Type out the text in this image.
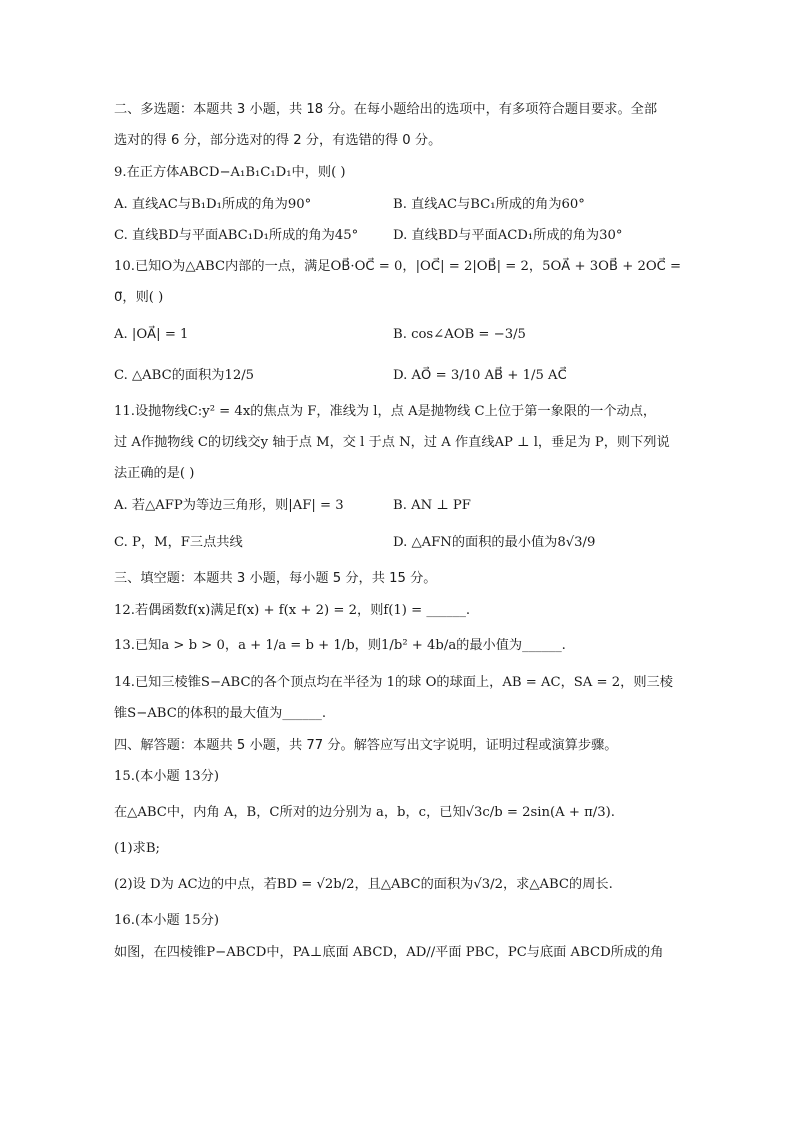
二、多选题：本题共 3 小题，共 18 分。在每小题给出的选项中，有多项符合题目要求。全部
选对的得 6 分，部分选对的得 2 分，有选错的得 0 分。
9.在正方体ABCD−A₁B₁C₁D₁中，则( )
A. 直线AC与B₁D₁所成的角为90°	B. 直线AC与BC₁所成的角为60°
C. 直线BD与平面ABC₁D₁所成的角为45°	D. 直线BD与平面ACD₁所成的角为30°
10.已知O为△ABC内部的一点，满足OB⃗·OC⃗ = 0，|OC⃗| = 2|OB⃗| = 2，5OA⃗ + 3OB⃗ + 2OC⃗ =
0⃗，则( )
A. |OA⃗| = 1	B. cos∠AOB = −3/5
C. △ABC的面积为12/5	D. AO⃗ = 3/10 AB⃗ + 1/5 AC⃗
11.设抛物线C:y² = 4x的焦点为 F，准线为 l，点 A是抛物线 C上位于第一象限的一个动点，
过 A作抛物线 C的切线交y 轴于点 M，交 l 于点 N，过 A 作直线AP ⊥ l，垂足为 P，则下列说
法正确的是( )
A. 若△AFP为等边三角形，则|AF| = 3	B. AN ⊥ PF
C. P，M，F三点共线	D. △AFN的面积的最小值为8√3/9
三、填空题：本题共 3 小题，每小题 5 分，共 15 分。
12.若偶函数f(x)满足f(x) + f(x + 2) = 2，则f(1) = ______.
13.已知a > b > 0，a + 1/a = b + 1/b，则1/b² + 4b/a的最小值为______.
14.已知三棱锥S−ABC的各个顶点均在半径为 1的球 O的球面上，AB = AC，SA = 2，则三棱
锥S−ABC的体积的最大值为______.
四、解答题：本题共 5 小题，共 77 分。解答应写出文字说明，证明过程或演算步骤。
15.(本小题 13分)
在△ABC中，内角 A，B，C所对的边分别为 a，b，c，已知√3c/b = 2sin(A + π/3).
(1)求B;
(2)设 D为 AC边的中点，若BD = √2b/2，且△ABC的面积为√3/2，求△ABC的周长.
16.(本小题 15分)
如图，在四棱锥P−ABCD中，PA⊥底面 ABCD，AD//平面 PBC，PC与底面 ABCD所成的角
